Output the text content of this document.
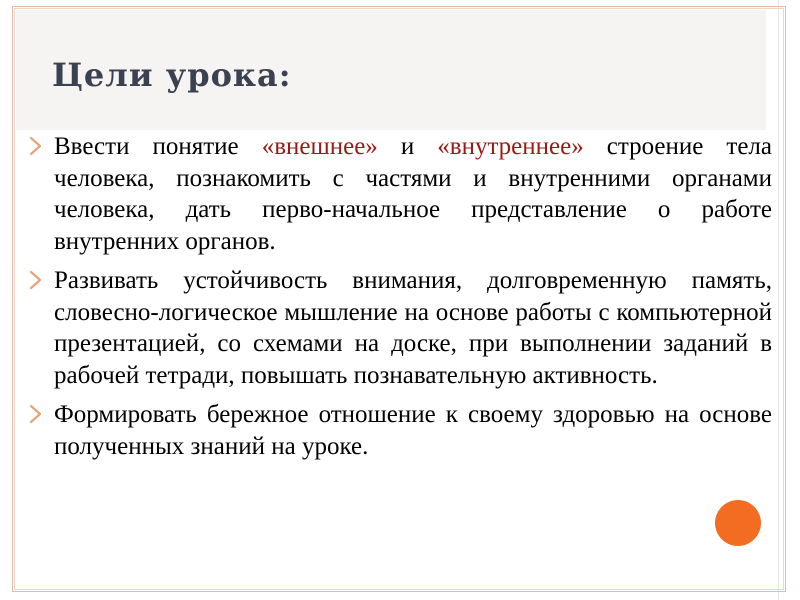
Цели урока:
Ввести понятие «внешнее» и «внутреннее» строение тела человека, познакомить с частями и внутренними органами человека, дать перво-начальное представление о работе внутренних органов.
Развивать устойчивость внимания, долговременную память, словесно-логическое мышление на основе работы с компьютерной презентацией, со схемами на доске, при выполнении заданий в рабочей тетради, повышать познавательную активность.
Формировать бережное отношение к своему здоровью на основе полученных знаний на уроке.
